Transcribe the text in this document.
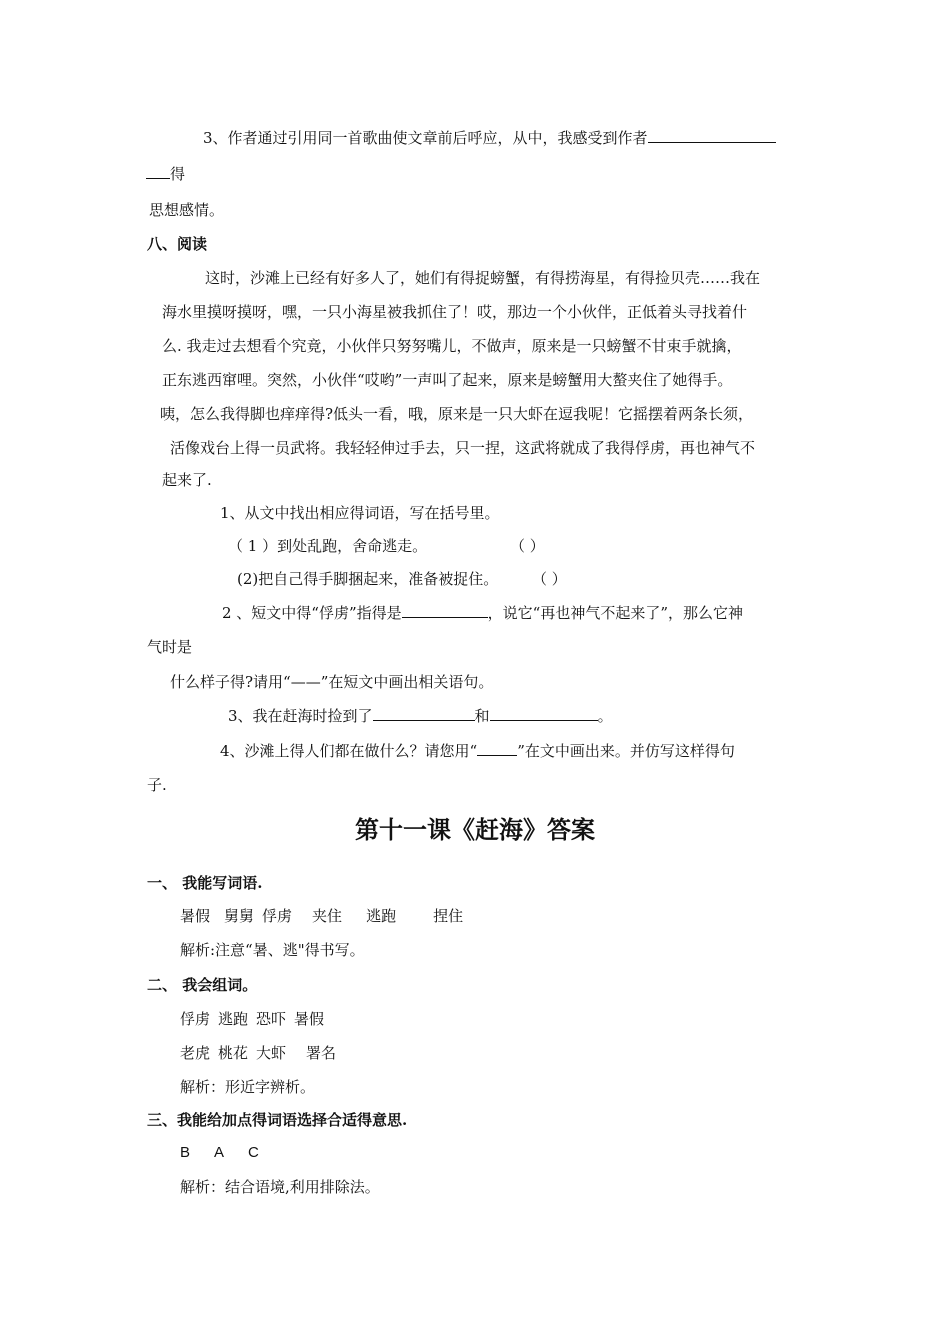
3、作者通过引用同一首歌曲使文章前后呼应，从中，我感受到作者
得
思想感情。
八、阅读
这时，沙滩上已经有好多人了，她们有得捉螃蟹，有得捞海星，有得捡贝壳……我在
海水里摸呀摸呀，嘿，一只小海星被我抓住了！哎，那边一个小伙伴，正低着头寻找着什
么. 我走过去想看个究竟，小伙伴只努努嘴儿，不做声，原来是一只螃蟹不甘束手就擒，
正东逃西窜哩。突然，小伙伴“哎哟”一声叫了起来，原来是螃蟹用大螯夹住了她得手。
咦，怎么我得脚也痒痒得?低头一看，哦，原来是一只大虾在逗我呢！它摇摆着两条长须，
活像戏台上得一员武将。我轻轻伸过手去，只一捏，这武将就成了我得俘虏，再也神气不
起来了.
1、从文中找出相应得词语，写在括号里。
（ 1 ）到处乱跑，舍命逃走。	（ ）
(2)把自己得手脚捆起来，准备被捉住。 （ ）
2 、短文中得“俘虏”指得是	，说它“再也神气不起来了”，那么它神
气时是
什么样子得?请用“——”在短文中画出相关语句。
3、我在赶海时捡到了	和	。
4、沙滩上得人们都在做什么？请您用“	”在文中画出来。并仿写这样得句
子.
第十一课《赶海》答案
一、 我能写词语.
暑假 舅舅 俘虏 夹住 逃跑 捏住
解析:注意“暑、逃"得书写。
二、 我会组词。
俘虏 逃跑 恐吓 暑假
老虎 桃花 大虾 署名
解析：形近字辨析。
三、我能给加点得词语选择合适得意思.
B A C
解析：结合语境,利用排除法。
